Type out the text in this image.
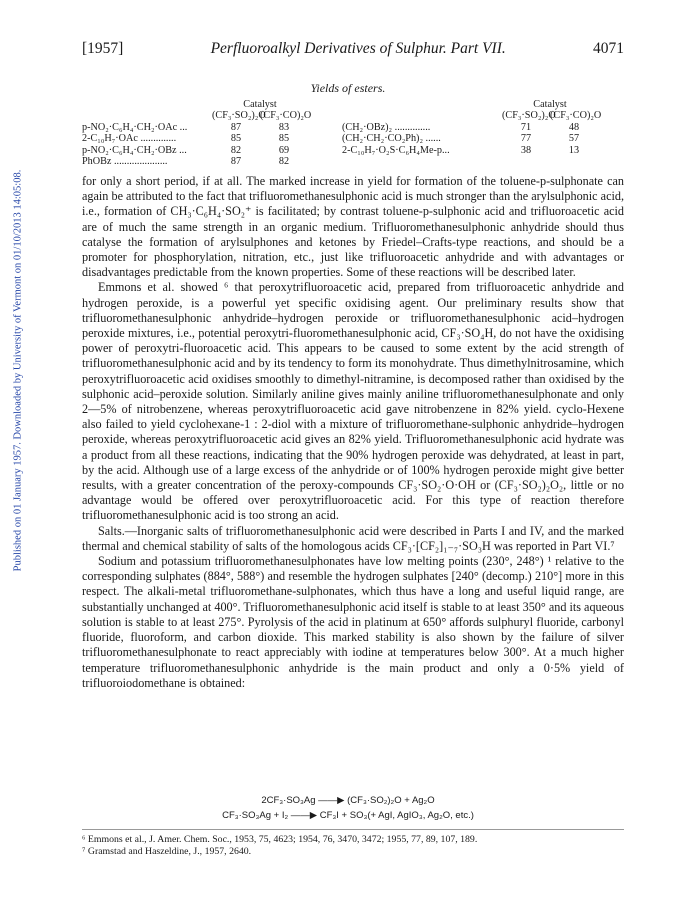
Published on 01 January 1957. Downloaded by University of Vermont on 01/10/2013 14:05:08.
[1957]	Perfluoroalkyl Derivatives of Sulphur. Part VII.	4071
Yields of esters.
Catalyst
(CF₃·SO₂)₂O
(CF₃·CO)₂O
p-NO₂·C₆H₄·CH₂·OAc ...	87	83
2-C₁₀H₇·OAc ..............	85	85
p-NO₂·C₆H₄·CH₂·OBz ...	82	69
PhOBz .....................	87	82
Catalyst
(CF₃·SO₂)₂O
(CF₃·CO)₂O
(CH₂·OBz)₂ ..............	71	48
(CH₂·CH₂·CO₂Ph)₂ ......	77	57
2-C₁₀H₇·O₂S·C₆H₄Me-p...	38	13

for only a short period, if at all. The marked increase in yield for formation of the toluene-p-sulphonate can again be attributed to the fact that trifluoromethanesulphonic acid is much stronger than the arylsulphonic acid, i.e., formation of CH₃·C₆H₄·SO₂⁺ is facilitated; by contrast toluene-p-sulphonic acid and trifluoroacetic acid are of much the same strength in an organic medium. Trifluoromethanesulphonic anhydride should thus catalyse the formation of arylsulphones and ketones by Friedel–Crafts-type reactions, and should be a promoter for phosphorylation, nitration, etc., just like trifluoroacetic anhydride and with advantages or disadvantages predictable from the known properties. Some of these reactions will be described later.

Emmons et al. showed ⁶ that peroxytrifluoroacetic acid, prepared from trifluoroacetic anhydride and hydrogen peroxide, is a powerful yet specific oxidising agent. Our preliminary results show that trifluoromethanesulphonic anhydride–hydrogen peroxide or trifluoromethanesulphonic acid–hydrogen peroxide mixtures, i.e., potential peroxytri-fluoromethanesulphonic acid, CF₃·SO₄H, do not have the oxidising power of peroxytri-fluoroacetic acid. This appears to be caused to some extent by the acid strength of trifluoromethanesulphonic acid and by its tendency to form its monohydrate. Thus dimethylnitrosamine, which peroxytrifluoroacetic acid oxidises smoothly to dimethyl-nitramine, is decomposed rather than oxidised by the sulphonic acid–peroxide solution. Similarly aniline gives mainly aniline trifluoromethanesulphonate and only 2—5% of nitrobenzene, whereas peroxytrifluoroacetic acid gave nitrobenzene in 82% yield. cyclo-Hexene also failed to yield cyclohexane-1 : 2-diol with a mixture of trifluoromethane-sulphonic anhydride–hydrogen peroxide, whereas peroxytrifluoroacetic acid gives an 82% yield. Trifluoromethanesulphonic acid hydrate was a product from all these reactions, indicating that the 90% hydrogen peroxide was dehydrated, at least in part, by the acid. Although use of a large excess of the anhydride or of 100% hydrogen peroxide might give better results, with a greater concentration of the peroxy-compounds CF₃·SO₂·O·OH or (CF₃·SO₂)₂O₂, little or no advantage would be offered over peroxytrifluoroacetic acid. For this type of reaction therefore trifluoromethanesulphonic acid is too strong an acid.

Salts.—Inorganic salts of trifluoromethanesulphonic acid were described in Parts I and IV, and the marked thermal and chemical stability of salts of the homologous acids CF₃·[CF₂]₁₋₇·SO₃H was reported in Part VI.⁷

Sodium and potassium trifluoromethanesulphonates have low melting points (230°, 248°) ¹ relative to the corresponding sulphates (884°, 588°) and resemble the hydrogen sulphates [240° (decomp.) 210°] more in this respect. The alkali-metal trifluoromethane-sulphonates, which thus have a long and useful liquid range, are substantially unchanged at 400°. Trifluoromethanesulphonic acid itself is stable to at least 350° and its aqueous solution is stable to at least 275°. Pyrolysis of the acid in platinum at 650° affords sulphuryl fluoride, carbonyl fluoride, fluoroform, and carbon dioxide. This marked stability is also shown by the failure of silver trifluoromethanesulphonate to react appreciably with iodine at temperatures below 300°. At a much higher temperature trifluoromethanesulphonic anhydride is the main product and only a 0·5% yield of trifluoroiodomethane is obtained:

2CF₃·SO₃Ag ——▶ (CF₃·SO₂)₂O + Ag₂O
CF₃·SO₃Ag + I₂ ——▶ CF₃I + SO₃(+ AgI, AgIO₃, Ag₂O, etc.)
⁶ Emmons et al., J. Amer. Chem. Soc., 1953, 75, 4623; 1954, 76, 3470, 3472; 1955, 77, 89, 107, 189.
⁷ Gramstad and Haszeldine, J., 1957, 2640.
